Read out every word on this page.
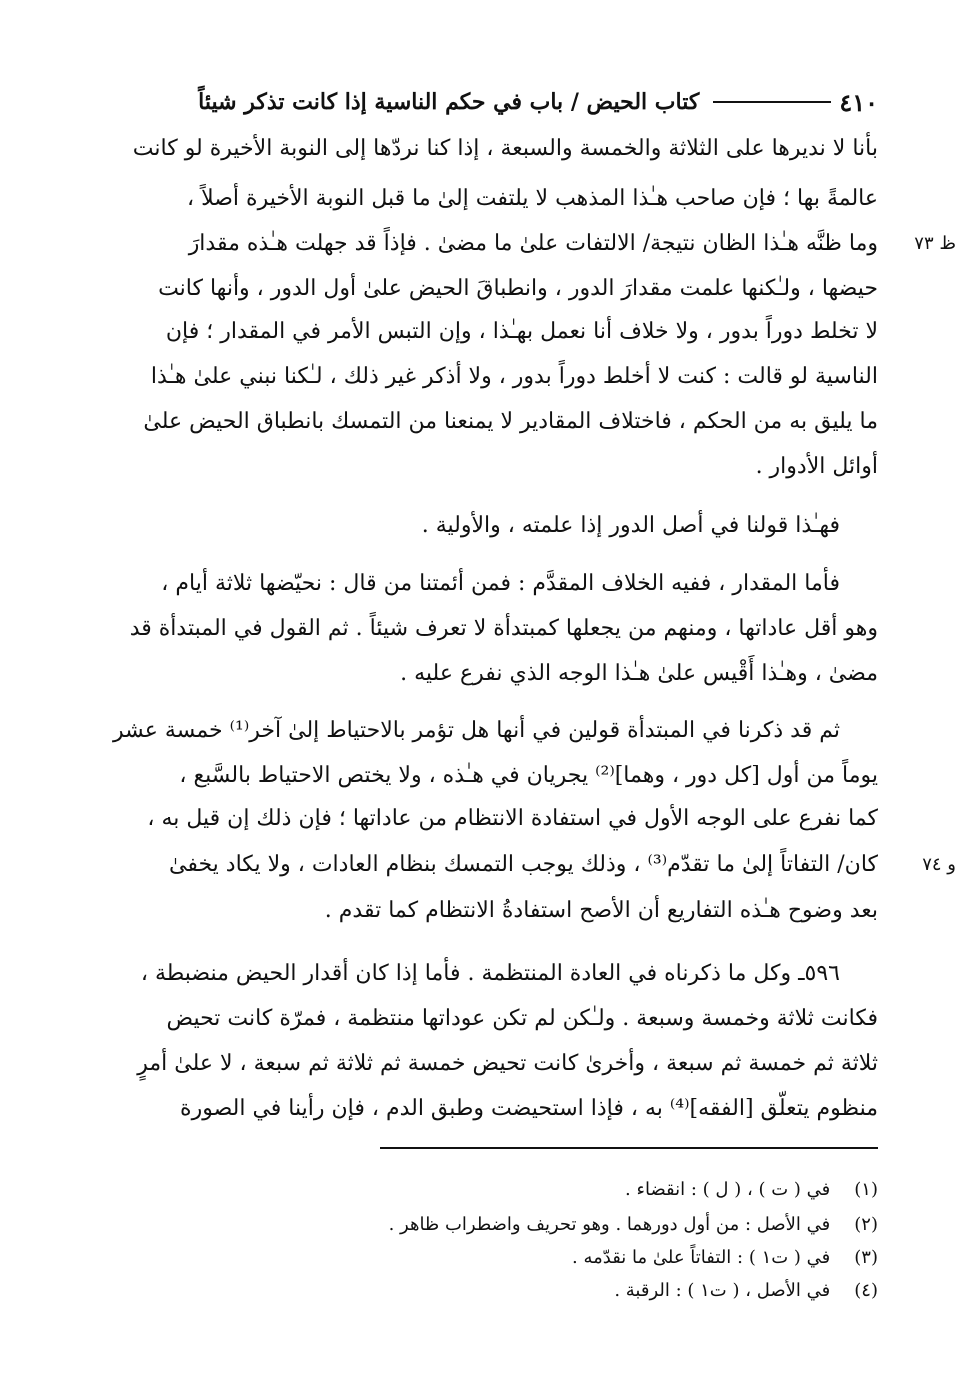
٤١٠
كتاب الحيض / باب في حكم الناسية إذا كانت تذكر شيئاً
بأنا لا نديرها على الثلاثة والخمسة والسبعة ، إذا كنا نردّها إلى النوبة الأخيرة لو كانت
عالمةً بها ؛ فإن صاحب هـٰذا المذهب لا يلتفت إلىٰ ما قبل النوبة الأخيرة أصلاً ،
وما ظنَّه هـٰذا الظان نتيجة/ الالتفات علىٰ ما مضىٰ . فإذاً قد جهلت هـٰذه مقدارَ	ظ ٧٣
حيضها ، ولـٰكنها علمت مقدارَ الدور ، وانطباقَ الحيض علىٰ أول الدور ، وأنها كانت
لا تخلط دوراً بدور ، ولا خلاف أنا نعمل بهـٰذا ، وإن التبس الأمر في المقدار ؛ فإن
الناسية لو قالت : كنت لا أخلط دوراً بدور ، ولا أذكر غير ذلك ، لـٰكنا نبني علىٰ هـٰذا
ما يليق به من الحكم ، فاختلاف المقادير لا يمنعنا من التمسك بانطباق الحيض علىٰ
أوائل الأدوار .
فهـٰذا قولنا في أصل الدور إذا علمته ، والأولية .
فأما المقدار ، ففيه الخلاف المقدَّم : فمن أئمتنا من قال : نحيّضها ثلاثة أيام ،
وهو أقل عاداتها ، ومنهم من يجعلها كمبتدأة لا تعرف شيئاً . ثم القول في المبتدأة قد
مضىٰ ، وهـٰذا أَقْيس علىٰ هـٰذا الوجه الذي نفرع عليه .
ثم قد ذكرنا في المبتدأة قولين في أنها هل تؤمر بالاحتياط إلىٰ آخر⁽¹⁾ خمسة عشر
يوماً من أول [كل دور ، وهما]⁽²⁾ يجريان في هـٰذه ، ولا يختص الاحتياط بالسَّبع ،
كما نفرع على الوجه الأول في استفادة الانتظام من عاداتها ؛ فإن ذلك إن قيل به ،
كان/ التفاتاً إلىٰ ما تقدّم⁽³⁾ ، وذلك يوجب التمسك بنظام العادات ، ولا يكاد يخفىٰ	و ٧٤
بعد وضوح هـٰذه التفاريع أن الأصح استفادةُ الانتظام كما تقدم .
٥٩٦ـ وكل ما ذكرناه في العادة المنتظمة . فأما إذا كان أقدار الحيض منضبطة ،
فكانت ثلاثة وخمسة وسبعة . ولـٰكن لم تكن عوداتها منتظمة ، فمرّة كانت تحيض
ثلاثة ثم خمسة ثم سبعة ، وأخرىٰ كانت تحيض خمسة ثم ثلاثة ثم سبعة ، لا علىٰ أمرٍ
منظوم يتعلّق [الفقه]⁽⁴⁾ به ، فإذا استحيضت وطبق الدم ، فإن رأينا في الصورة
(١) في ( ت ) ، ( ل ) : انقضاء .
(٢) في الأصل : من أول دورهما . وهو تحريف واضطراب ظاهر .
(٣) في ( ت١ ) : التفاتاً علىٰ ما نقدّمه .
(٤) في الأصل ، ( ت١ ) : الرقبة .
